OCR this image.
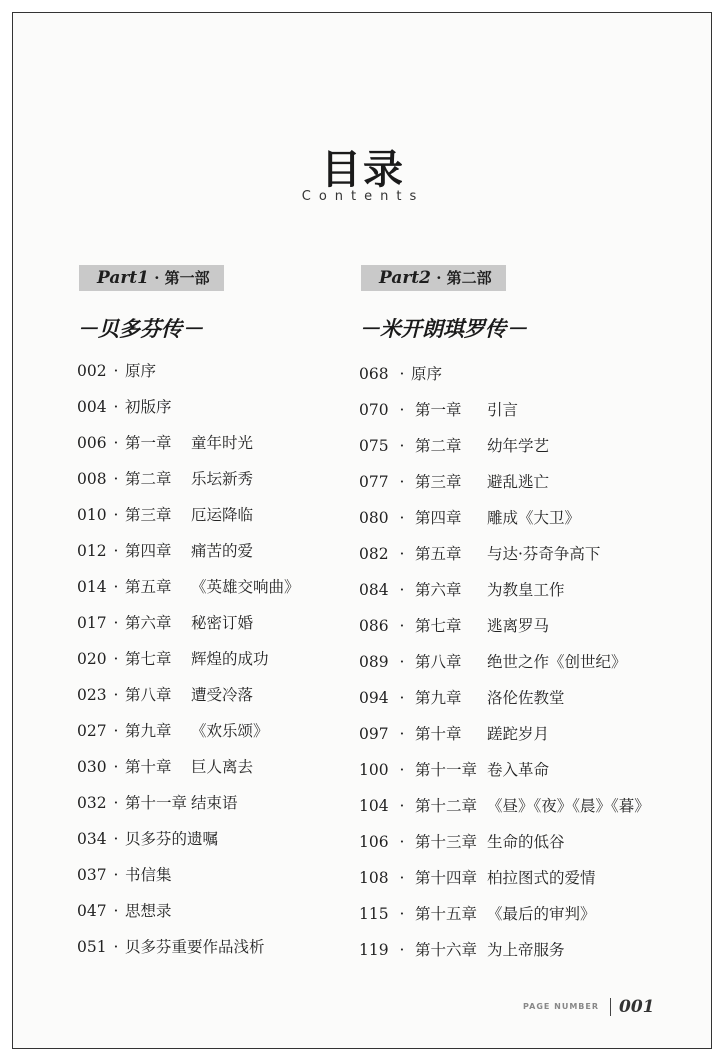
目录
Contents
Part1 · 第一部
－贝多芬传－
002 · 原序
004 · 初版序
006 · 第一章 童年时光
008 · 第二章 乐坛新秀
010 · 第三章 厄运降临
012 · 第四章 痛苦的爱
014 · 第五章 《英雄交响曲》
017 · 第六章 秘密订婚
020 · 第七章 辉煌的成功
023 · 第八章 遭受冷落
027 · 第九章 《欢乐颂》
030 · 第十章 巨人离去
032 · 第十一章 结束语
034 · 贝多芬的遗嘱
037 · 书信集
047 · 思想录
051 · 贝多芬重要作品浅析
Part2 · 第二部
－米开朗琪罗传－
068 · 原序
070 · 第一章 引言
075 · 第二章 幼年学艺
077 · 第三章 避乱逃亡
080 · 第四章 雕成《大卫》
082 · 第五章 与达·芬奇争高下
084 · 第六章 为教皇工作
086 · 第七章 逃离罗马
089 · 第八章 绝世之作《创世纪》
094 · 第九章 洛伦佐教堂
097 · 第十章 蹉跎岁月
100 · 第十一章 卷入革命
104 · 第十二章 《昼》《夜》《晨》《暮》
106 · 第十三章 生命的低谷
108 · 第十四章 柏拉图式的爱情
115 · 第十五章 《最后的审判》
119 · 第十六章 为上帝服务
PAGE NUMBER 001
